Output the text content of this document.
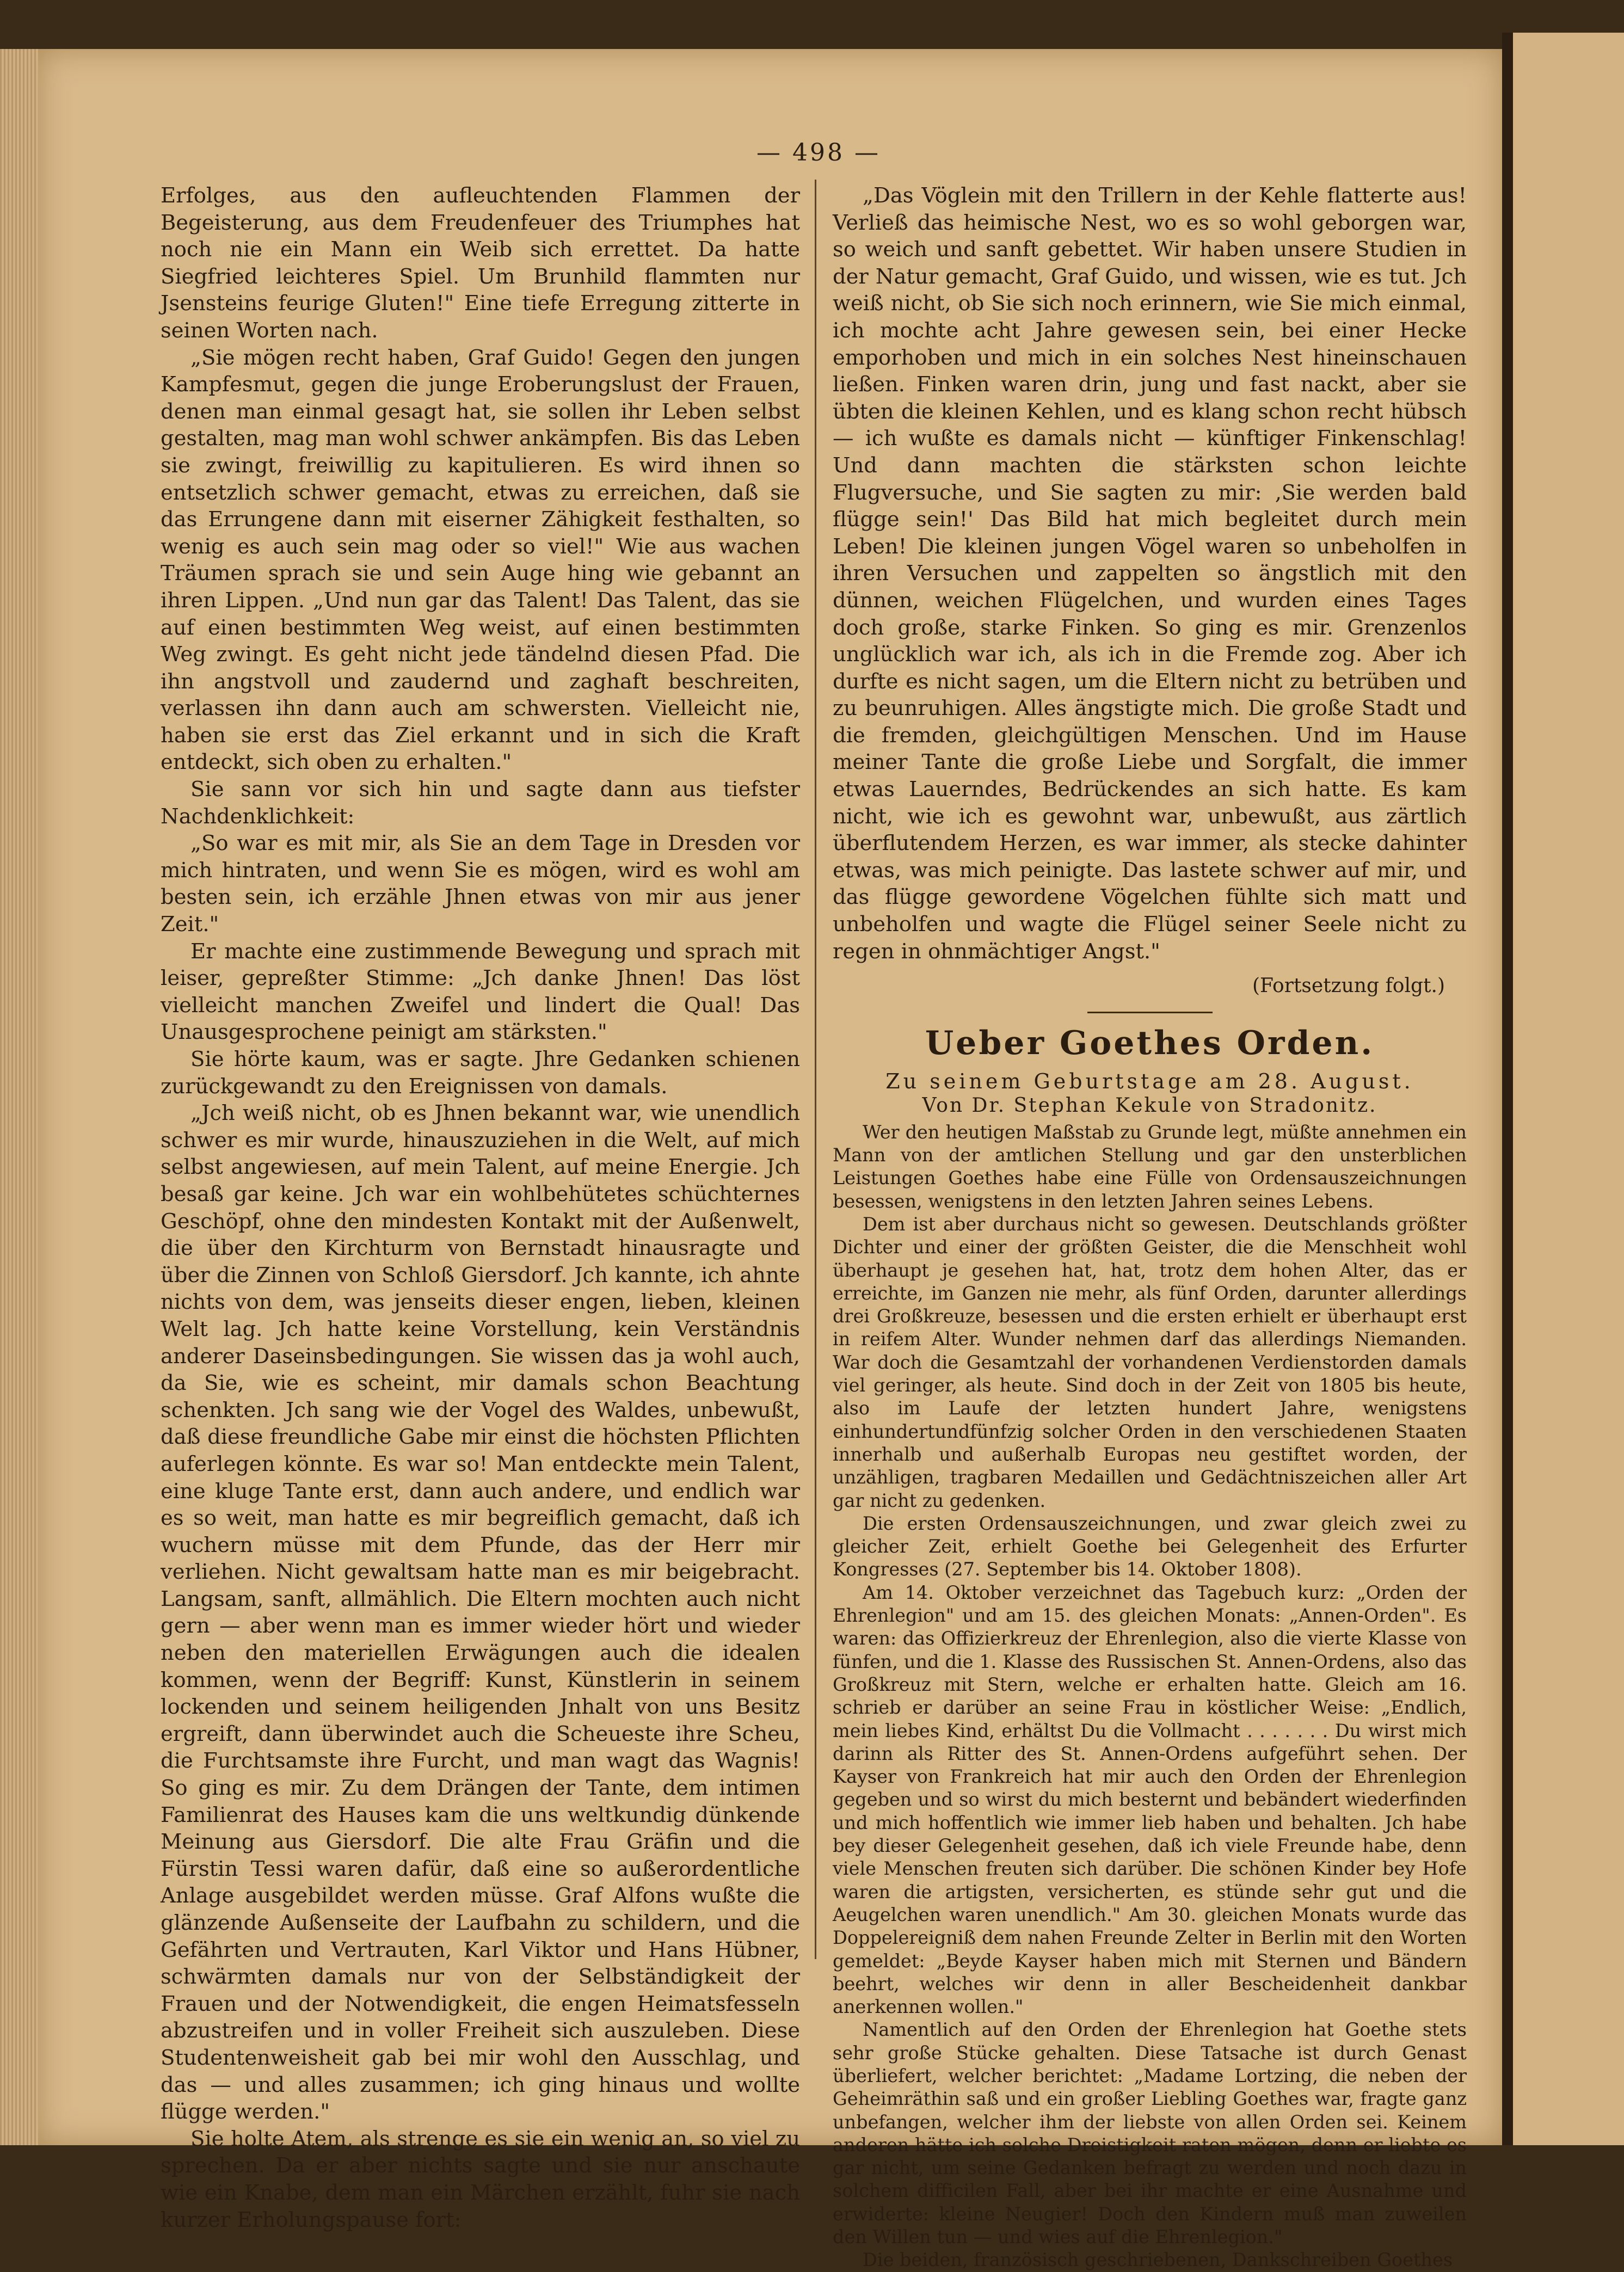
— 498 —

Erfolges, aus den aufleuchtenden Flammen der Begeisterung, aus dem Freudenfeuer des Triumphes hat noch nie ein Mann ein Weib sich errettet. Da hatte Siegfried leichteres Spiel. Um Brunhild flammten nur Jsensteins feurige Gluten!" Eine tiefe Erregung zitterte in seinen Worten nach.

„Sie mögen recht haben, Graf Guido! Gegen den jungen Kampfesmut, gegen die junge Eroberungslust der Frauen, denen man einmal gesagt hat, sie sollen ihr Leben selbst gestalten, mag man wohl schwer ankämpfen. Bis das Leben sie zwingt, freiwillig zu kapitulieren. Es wird ihnen so entsetzlich schwer gemacht, etwas zu erreichen, daß sie das Errungene dann mit eiserner Zähigkeit festhalten, so wenig es auch sein mag oder so viel!" Wie aus wachen Träumen sprach sie und sein Auge hing wie gebannt an ihren Lippen. „Und nun gar das Talent! Das Talent, das sie auf einen bestimmten Weg weist, auf einen bestimmten Weg zwingt. Es geht nicht jede tändelnd diesen Pfad. Die ihn angstvoll und zaudernd und zaghaft beschreiten, verlassen ihn dann auch am schwersten. Vielleicht nie, haben sie erst das Ziel erkannt und in sich die Kraft entdeckt, sich oben zu erhalten."

Sie sann vor sich hin und sagte dann aus tiefster Nachdenklichkeit:

„So war es mit mir, als Sie an dem Tage in Dresden vor mich hintraten, und wenn Sie es mögen, wird es wohl am besten sein, ich erzähle Jhnen etwas von mir aus jener Zeit."

Er machte eine zustimmende Bewegung und sprach mit leiser, gepreßter Stimme: „Jch danke Jhnen! Das löst vielleicht manchen Zweifel und lindert die Qual! Das Unausgesprochene peinigt am stärksten."

Sie hörte kaum, was er sagte. Jhre Gedanken schienen zurückgewandt zu den Ereignissen von damals.

„Jch weiß nicht, ob es Jhnen bekannt war, wie unendlich schwer es mir wurde, hinauszuziehen in die Welt, auf mich selbst angewiesen, auf mein Talent, auf meine Energie. Jch besaß gar keine. Jch war ein wohlbehütetes schüchternes Geschöpf, ohne den mindesten Kontakt mit der Außenwelt, die über den Kirchturm von Bernstadt hinausragte und über die Zinnen von Schloß Giersdorf. Jch kannte, ich ahnte nichts von dem, was jenseits dieser engen, lieben, kleinen Welt lag. Jch hatte keine Vorstellung, kein Verständnis anderer Daseinsbedingungen. Sie wissen das ja wohl auch, da Sie, wie es scheint, mir damals schon Beachtung schenkten. Jch sang wie der Vogel des Waldes, unbewußt, daß diese freundliche Gabe mir einst die höchsten Pflichten auferlegen könnte. Es war so! Man entdeckte mein Talent, eine kluge Tante erst, dann auch andere, und endlich war es so weit, man hatte es mir begreiflich gemacht, daß ich wuchern müsse mit dem Pfunde, das der Herr mir verliehen. Nicht gewaltsam hatte man es mir beigebracht. Langsam, sanft, allmählich. Die Eltern mochten auch nicht gern — aber wenn man es immer wieder hört und wieder neben den materiellen Erwägungen auch die idealen kommen, wenn der Begriff: Kunst, Künstlerin in seinem lockenden und seinem heiligenden Jnhalt von uns Besitz ergreift, dann überwindet auch die Scheueste ihre Scheu, die Furchtsamste ihre Furcht, und man wagt das Wagnis! So ging es mir. Zu dem Drängen der Tante, dem intimen Familienrat des Hauses kam die uns weltkundig dünkende Meinung aus Giersdorf. Die alte Frau Gräfin und die Fürstin Tessi waren dafür, daß eine so außerordentliche Anlage ausgebildet werden müsse. Graf Alfons wußte die glänzende Außenseite der Laufbahn zu schildern, und die Gefährten und Vertrauten, Karl Viktor und Hans Hübner, schwärmten damals nur von der Selbständigkeit der Frauen und der Notwendigkeit, die engen Heimatsfesseln abzustreifen und in voller Freiheit sich auszuleben. Diese Studentenweisheit gab bei mir wohl den Ausschlag, und das — und alles zusammen; ich ging hinaus und wollte flügge werden."

Sie holte Atem, als strenge es sie ein wenig an, so viel zu sprechen. Da er aber nichts sagte und sie nur anschaute wie ein Knabe, dem man ein Märchen erzählt, fuhr sie nach kurzer Erholungspause fort:

„Das Vöglein mit den Trillern in der Kehle flatterte aus! Verließ das heimische Nest, wo es so wohl geborgen war, so weich und sanft gebettet. Wir haben unsere Studien in der Natur gemacht, Graf Guido, und wissen, wie es tut. Jch weiß nicht, ob Sie sich noch erinnern, wie Sie mich einmal, ich mochte acht Jahre gewesen sein, bei einer Hecke emporhoben und mich in ein solches Nest hineinschauen ließen. Finken waren drin, jung und fast nackt, aber sie übten die kleinen Kehlen, und es klang schon recht hübsch — ich wußte es damals nicht — künftiger Finkenschlag! Und dann machten die stärksten schon leichte Flugversuche, und Sie sagten zu mir: ‚Sie werden bald flügge sein!' Das Bild hat mich begleitet durch mein Leben! Die kleinen jungen Vögel waren so unbeholfen in ihren Versuchen und zappelten so ängstlich mit den dünnen, weichen Flügelchen, und wurden eines Tages doch große, starke Finken. So ging es mir. Grenzenlos unglücklich war ich, als ich in die Fremde zog. Aber ich durfte es nicht sagen, um die Eltern nicht zu betrüben und zu beunruhigen. Alles ängstigte mich. Die große Stadt und die fremden, gleichgültigen Menschen. Und im Hause meiner Tante die große Liebe und Sorgfalt, die immer etwas Lauerndes, Bedrückendes an sich hatte. Es kam nicht, wie ich es gewohnt war, unbewußt, aus zärtlich überflutendem Herzen, es war immer, als stecke dahinter etwas, was mich peinigte. Das lastete schwer auf mir, und das flügge gewordene Vögelchen fühlte sich matt und unbeholfen und wagte die Flügel seiner Seele nicht zu regen in ohnmächtiger Angst."

(Fortsetzung folgt.)
Ueber Goethes Orden.
Zu seinem Geburtstage am 28. August.
Von Dr. Stephan Kekule von Stradonitz.

Wer den heutigen Maßstab zu Grunde legt, müßte annehmen ein Mann von der amtlichen Stellung und gar den unsterblichen Leistungen Goethes habe eine Fülle von Ordensauszeichnungen besessen, wenigstens in den letzten Jahren seines Lebens.

Dem ist aber durchaus nicht so gewesen. Deutschlands größter Dichter und einer der größten Geister, die die Menschheit wohl überhaupt je gesehen hat, hat, trotz dem hohen Alter, das er erreichte, im Ganzen nie mehr, als fünf Orden, darunter allerdings drei Großkreuze, besessen und die ersten erhielt er überhaupt erst in reifem Alter. Wunder nehmen darf das allerdings Niemanden. War doch die Gesamtzahl der vorhandenen Verdienstorden damals viel geringer, als heute. Sind doch in der Zeit von 1805 bis heute, also im Laufe der letzten hundert Jahre, wenigstens einhundertundfünfzig solcher Orden in den verschiedenen Staaten innerhalb und außerhalb Europas neu gestiftet worden, der unzähligen, tragbaren Medaillen und Gedächtniszeichen aller Art gar nicht zu gedenken.

Die ersten Ordensauszeichnungen, und zwar gleich zwei zu gleicher Zeit, erhielt Goethe bei Gelegenheit des Erfurter Kongresses (27. September bis 14. Oktober 1808).

Am 14. Oktober verzeichnet das Tagebuch kurz: „Orden der Ehrenlegion" und am 15. des gleichen Monats: „Annen-Orden". Es waren: das Offizierkreuz der Ehrenlegion, also die vierte Klasse von fünfen, und die 1. Klasse des Russischen St. Annen-Ordens, also das Großkreuz mit Stern, welche er erhalten hatte. Gleich am 16. schrieb er darüber an seine Frau in köstlicher Weise: „Endlich, mein liebes Kind, erhältst Du die Vollmacht . . . . . . . Du wirst mich darinn als Ritter des St. Annen-Ordens aufgeführt sehen. Der Kayser von Frankreich hat mir auch den Orden der Ehrenlegion gegeben und so wirst du mich besternt und bebändert wiederfinden und mich hoffentlich wie immer lieb haben und behalten. Jch habe bey dieser Gelegenheit gesehen, daß ich viele Freunde habe, denn viele Menschen freuten sich darüber. Die schönen Kinder bey Hofe waren die artigsten, versicherten, es stünde sehr gut und die Aeugelchen waren unendlich." Am 30. gleichen Monats wurde das Doppelereigniß dem nahen Freunde Zelter in Berlin mit den Worten gemeldet: „Beyde Kayser haben mich mit Sternen und Bändern beehrt, welches wir denn in aller Bescheidenheit dankbar anerkennen wollen."

Namentlich auf den Orden der Ehrenlegion hat Goethe stets sehr große Stücke gehalten. Diese Tatsache ist durch Genast überliefert, welcher berichtet: „Madame Lortzing, die neben der Geheimräthin saß und ein großer Liebling Goethes war, fragte ganz unbefangen, welcher ihm der liebste von allen Orden sei. Keinem anderen hätte ich solche Dreistigkeit raten mögen, denn er liebte es gar nicht, um seine Gedanken befragt zu werden und noch dazu in solchem difficilen Fall, aber bei ihr machte er eine Ausnahme und erwiderte: kleine Neugier! Doch den Kindern muß man zuweilen den Willen tun — und wies auf die Ehrenlegion."

Die beiden, französisch geschriebenen, Dankschreiben Goethes
